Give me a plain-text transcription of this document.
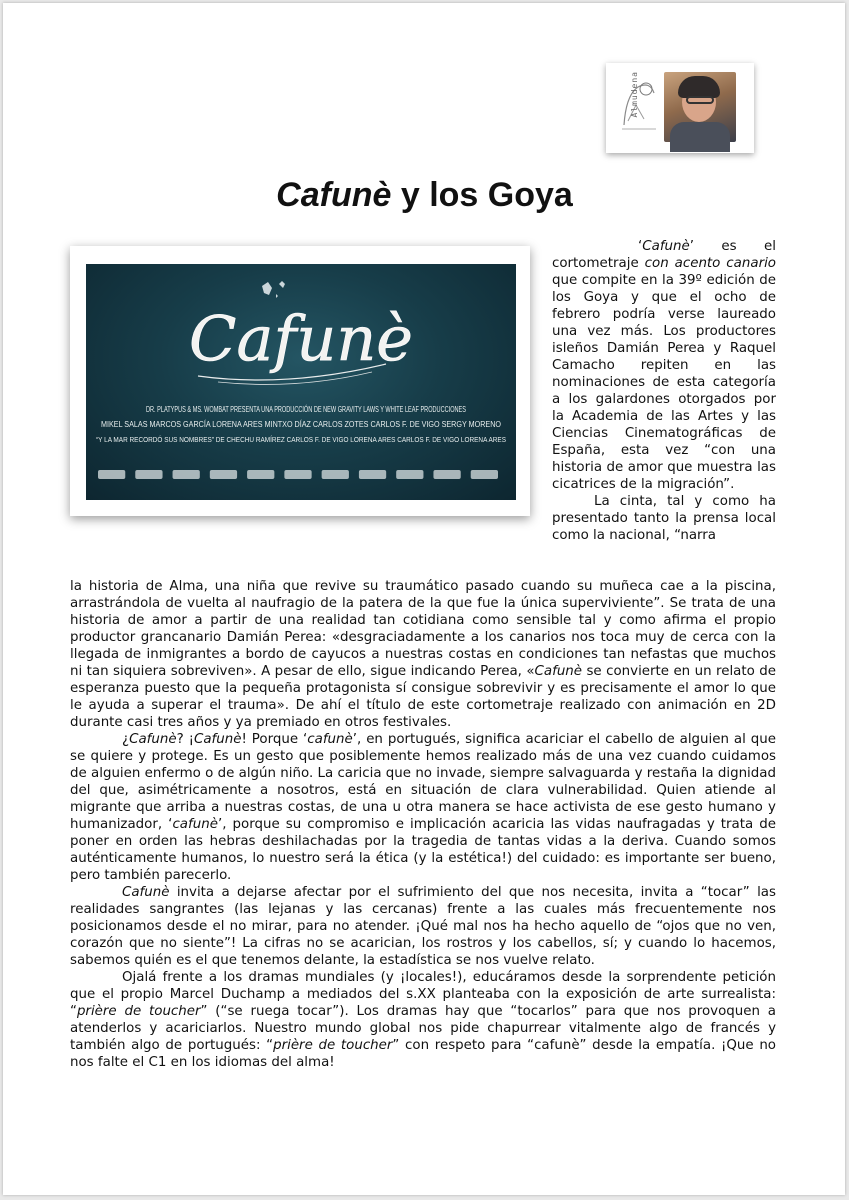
Almudena
Cafunè y los Goya
Cafunè
DR. PLATYPUS & MS. WOMBAT PRESENTA UNA PRODUCCIÓN DE NEW GRAVITY LAWS Y WHITE LEAF PRODUCCIONES
MIKEL SALAS MARCOS GARCÍA LORENA ARES MINTXO DÍAZ CARLOS ZOTES CARLOS F. DE VIGO SERGY MORENO
“Y LA MAR RECORDÓ SUS NOMBRES” DE CHECHU RAMÍREZ CARLOS F. DE VIGO LORENA ARES CARLOS F. DE VIGO LORENA ARES

‘Cafunè’ es el cortometraje con acento canario que compite en la 39º edición de los Goya y que el ocho de febrero podría verse laureado una vez más. Los productores isleños Damián Perea y Raquel Camacho repiten en las nominaciones de esta categoría a los galardones otorgados por la Academia de las Artes y las Ciencias Cinematográficas de España, esta vez “con una historia de amor que muestra las cicatrices de la migración”.

La cinta, tal y como ha presentado tanto la prensa local como la nacional, “narra

la historia de Alma, una niña que revive su traumático pasado cuando su muñeca cae a la piscina, arrastrándola de vuelta al naufragio de la patera de la que fue la única superviviente”. Se trata de una historia de amor a partir de una realidad tan cotidiana como sensible tal y como afirma el propio productor grancanario Damián Perea: «desgraciadamente a los canarios nos toca muy de cerca con la llegada de inmigrantes a bordo de cayucos a nuestras costas en condiciones tan nefastas que muchos ni tan siquiera sobreviven». A pesar de ello, sigue indicando Perea, «Cafunè se convierte en un relato de esperanza puesto que la pequeña protagonista sí consigue sobrevivir y es precisamente el amor lo que le ayuda a superar el trauma». De ahí el título de este cortometraje realizado con animación en 2D durante casi tres años y ya premiado en otros festivales.

¿Cafunè? ¡Cafunè! Porque ‘cafunè’, en portugués, significa acariciar el cabello de alguien al que se quiere y protege. Es un gesto que posiblemente hemos realizado más de una vez cuando cuidamos de alguien enfermo o de algún niño. La caricia que no invade, siempre salvaguarda y restaña la dignidad del que, asimétricamente a nosotros, está en situación de clara vulnerabilidad. Quien atiende al migrante que arriba a nuestras costas, de una u otra manera se hace activista de ese gesto humano y humanizador, ‘cafunè’, porque su compromiso e implicación acaricia las vidas naufragadas y trata de poner en orden las hebras deshilachadas por la tragedia de tantas vidas a la deriva. Cuando somos auténticamente humanos, lo nuestro será la ética (y la estética!) del cuidado: es importante ser bueno, pero también parecerlo.

Cafunè invita a dejarse afectar por el sufrimiento del que nos necesita, invita a “tocar” las realidades sangrantes (las lejanas y las cercanas) frente a las cuales más frecuentemente nos posicionamos desde el no mirar, para no atender. ¡Qué mal nos ha hecho aquello de “ojos que no ven, corazón que no siente”! La cifras no se acarician, los rostros y los cabellos, sí; y cuando lo hacemos, sabemos quién es el que tenemos delante, la estadística se nos vuelve relato.

Ojalá frente a los dramas mundiales (y ¡locales!), educáramos desde la sorprendente petición que el propio Marcel Duchamp a mediados del s.XX planteaba con la exposición de arte surrealista: “prière de toucher” (“se ruega tocar”). Los dramas hay que “tocarlos” para que nos provoquen a atenderlos y acariciarlos. Nuestro mundo global nos pide chapurrear vitalmente algo de francés y también algo de portugués: “prière de toucher” con respeto para “cafunè” desde la empatía. ¡Que no nos falte el C1 en los idiomas del alma!
